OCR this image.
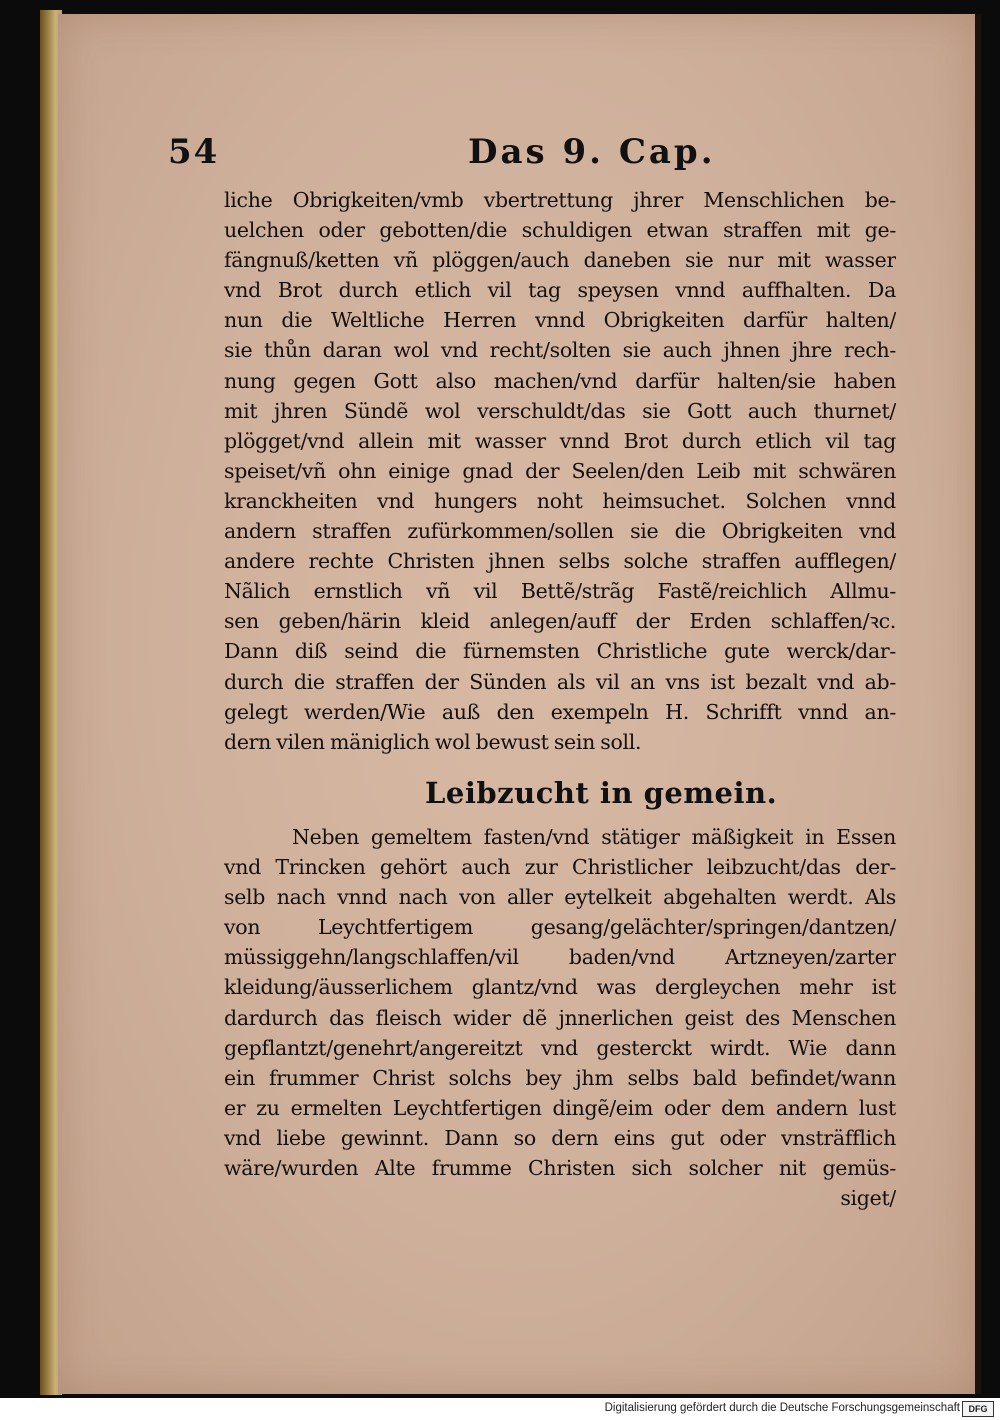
54	Das 9. Cap.
liche Obrigkeiten/vmb vbertrettung jhrer Menschlichen be-
uelchen oder gebotten/die schuldigen etwan straffen mit ge-
fängnuß/ketten vñ plöggen/auch daneben sie nur mit wasser
vnd Brot durch etlich vil tag speysen vnnd auffhalten. Da
nun die Weltliche Herren vnnd Obrigkeiten darfür halten/
sie thůn daran wol vnd recht/solten sie auch jhnen jhre rech-
nung gegen Gott also machen/vnd darfür halten/sie haben
mit jhren Sündẽ wol verschuldt/das sie Gott auch thurnet/
plögget/vnd allein mit wasser vnnd Brot durch etlich vil tag
speiset/vñ ohn einige gnad der Seelen/den Leib mit schwären
kranckheiten vnd hungers noht heimsuchet. Solchen vnnd
andern straffen zufürkommen/sollen sie die Obrigkeiten vnd
andere rechte Christen jhnen selbs solche straffen aufflegen/
Nãlich ernstlich vñ vil Bettẽ/strãg Fastẽ/reichlich Allmu-
sen geben/härin kleid anlegen/auff der Erden schlaffen/ꝛc.
Dann diß seind die fürnemsten Christliche gute werck/dar-
durch die straffen der Sünden als vil an vns ist bezalt vnd ab-
gelegt werden/Wie auß den exempeln H. Schrifft vnnd an-
dern vilen mäniglich wol bewust sein soll.
Leibzucht in gemein.
Neben gemeltem fasten/vnd stätiger mäßigkeit in Essen
vnd Trincken gehört auch zur Christlicher leibzucht/das der-
selb nach vnnd nach von aller eytelkeit abgehalten werdt. Als
von Leychtfertigem gesang/gelächter/springen/dantzen/
müssiggehn/langschlaffen/vil baden/vnd Artzneyen/zarter
kleidung/äusserlichem glantz/vnd was dergleychen mehr ist
dardurch das fleisch wider dẽ jnnerlichen geist des Menschen
gepflantzt/genehrt/angereitzt vnd gesterckt wirdt. Wie dann
ein frummer Christ solchs bey jhm selbs bald befindet/wann
er zu ermelten Leychtfertigen dingẽ/eim oder dem andern lust
vnd liebe gewinnt. Dann so dern eins gut oder vnsträfflich
wäre/wurden Alte frumme Christen sich solcher nit gemüs-
siget/
Digitalisierung gefördert durch die Deutsche Forschungsgemeinschaft DFG
